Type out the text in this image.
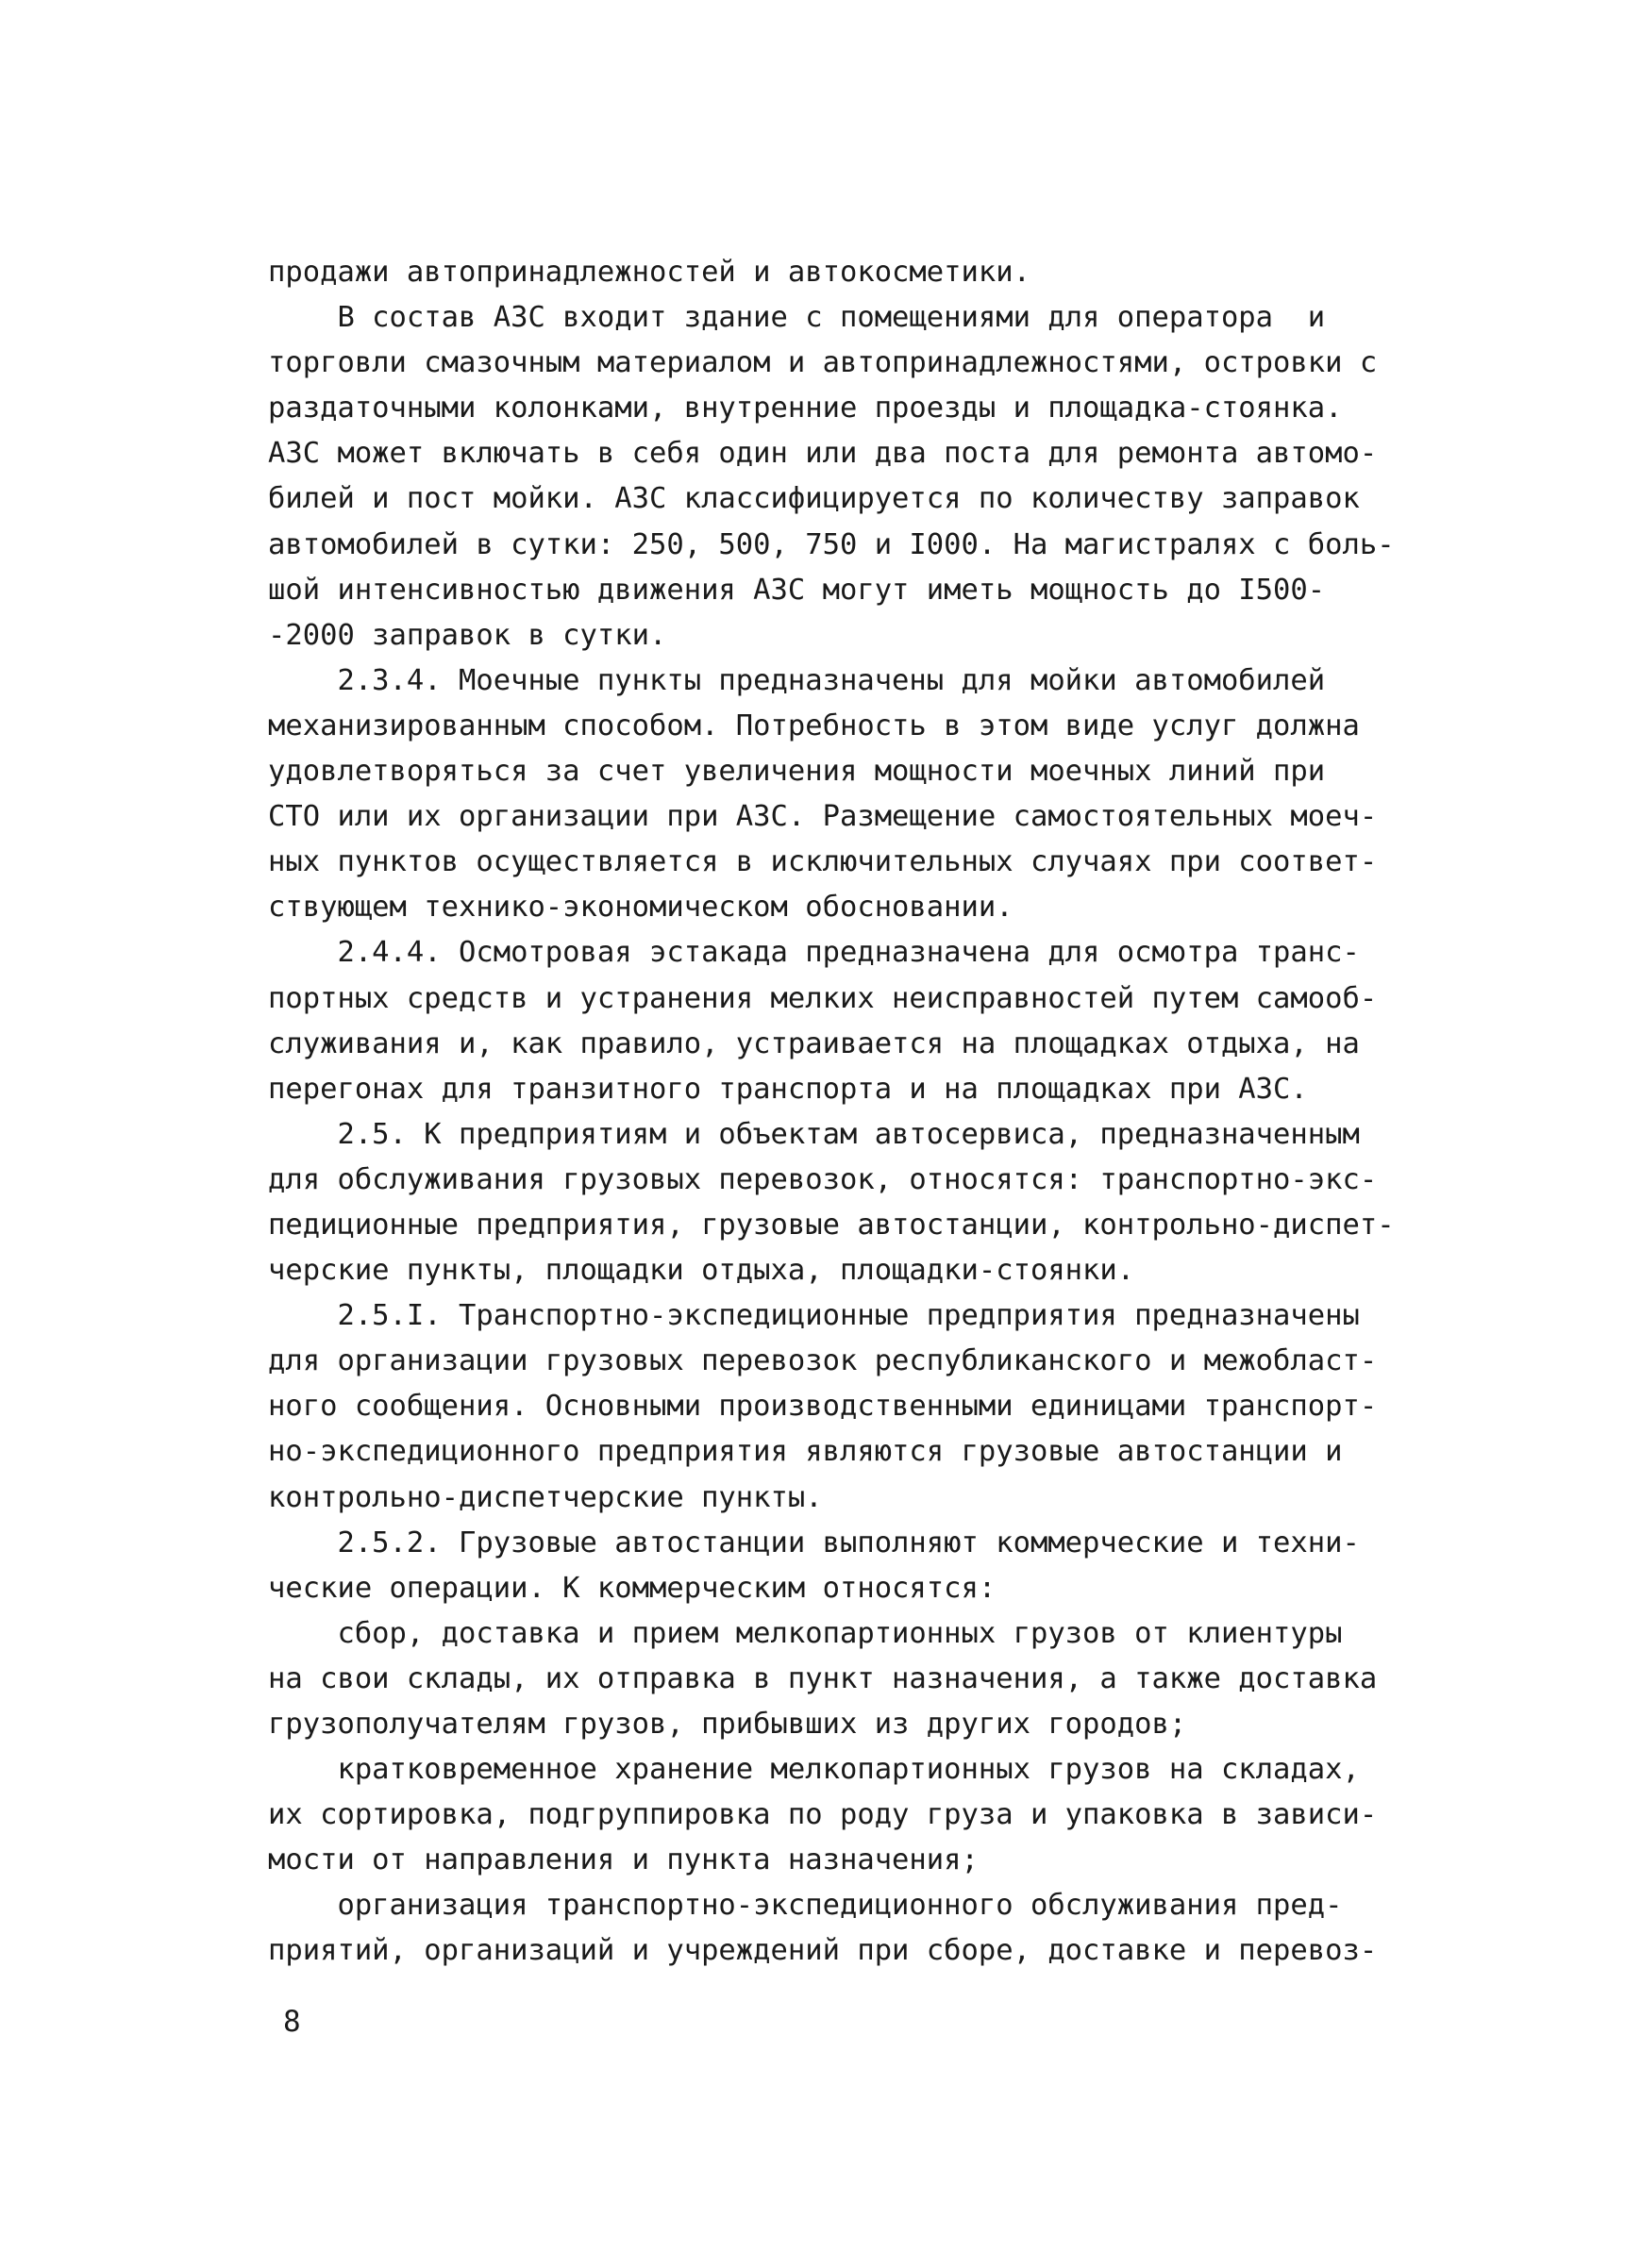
продажи автопринадлежностей и автокосметики.
В состав АЗС входит здание с помещениями для оператора  и
торговли смазочным материалом и автопринадлежностями, островки с
раздаточными колонками, внутренние проезды и площадка-стоянка.
АЗС может включать в себя один или два поста для ремонта автомо-
билей и пост мойки. АЗС классифицируется по количеству заправок
автомобилей в сутки: 250, 500, 750 и I000. На магистралях с боль-
шой интенсивностью движения АЗС могут иметь мощность до I500-
-2000 заправок в сутки.
2.3.4. Моечные пункты предназначены для мойки автомобилей
механизированным способом. Потребность в этом виде услуг должна
удовлетворяться за счет увеличения мощности моечных линий при
СТО или их организации при АЗС. Размещение самостоятельных моеч-
ных пунктов осуществляется в исключительных случаях при соответ-
ствующем технико-экономическом обосновании.
2.4.4. Осмотровая эстакада предназначена для осмотра транс-
портных средств и устранения мелких неисправностей путем самооб-
служивания и, как правило, устраивается на площадках отдыха, на
перегонах для транзитного транспорта и на площадках при АЗС.
2.5. К предприятиям и объектам автосервиса, предназначенным
для обслуживания грузовых перевозок, относятся: транспортно-экс-
педиционные предприятия, грузовые автостанции, контрольно-диспет-
черские пункты, площадки отдыха, площадки-стоянки.
2.5.I. Транспортно-экспедиционные предприятия предназначены
для организации грузовых перевозок республиканского и межобласт-
ного сообщения. Основными производственными единицами транспорт-
но-экспедиционного предприятия являются грузовые автостанции и
контрольно-диспетчерские пункты.
2.5.2. Грузовые автостанции выполняют коммерческие и техни-
ческие операции. К коммерческим относятся:
сбор, доставка и прием мелкопартионных грузов от клиентуры
на свои склады, их отправка в пункт назначения, а также доставка
грузополучателям грузов, прибывших из других городов;
кратковременное хранение мелкопартионных грузов на складах,
их сортировка, подгруппировка по роду груза и упаковка в зависи-
мости от направления и пункта назначения;
организация транспортно-экспедиционного обслуживания пред-
приятий, организаций и учреждений при сборе, доставке и перевоз-
8
